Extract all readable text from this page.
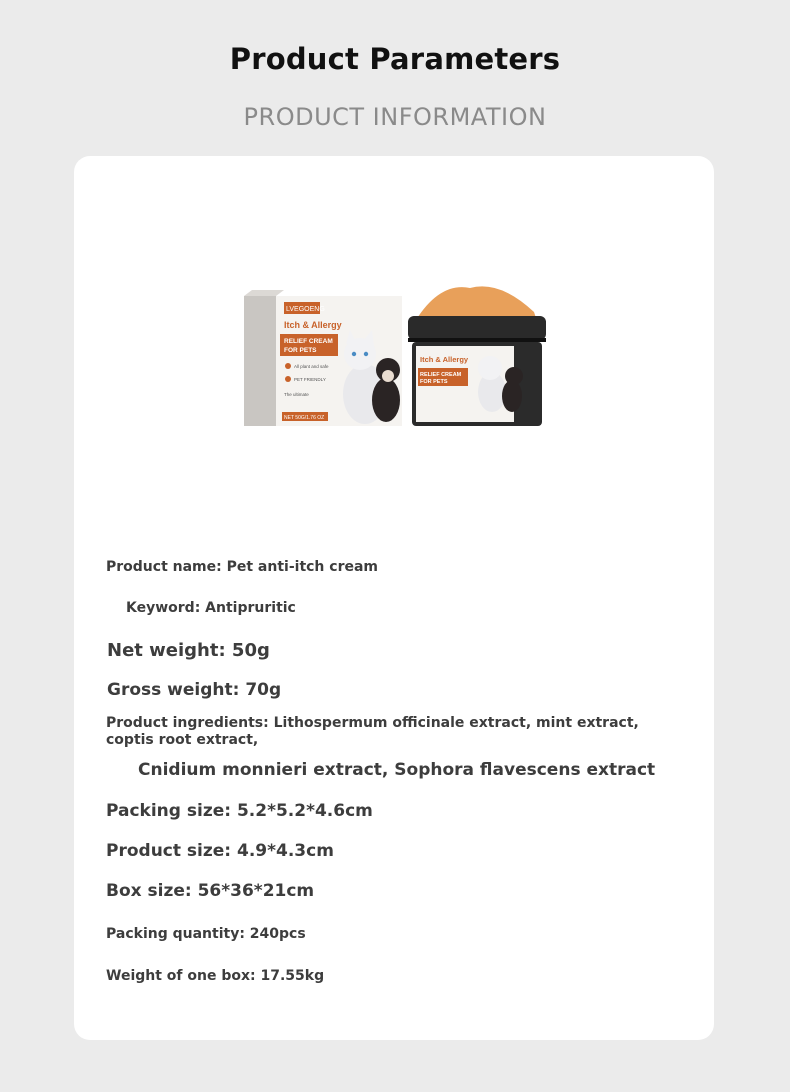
Product Parameters
PRODUCT INFORMATION
LVEGOENG
Itch & Allergy
RELIEF CREAM
FOR PETS
All plant and safe
PET FRIENDLY
The ultimate
NET 50G/1.76 OZ
Itch & Allergy
RELIEF CREAM
FOR PETS
Product name: Pet anti-itch cream
Keyword: Antipruritic
Net weight: 50g
Gross weight: 70g
Product ingredients: Lithospermum officinale extract, mint extract, coptis root extract,
Cnidium monnieri extract, Sophora flavescens extract
Packing size: 5.2*5.2*4.6cm
Product size: 4.9*4.3cm
Box size: 56*36*21cm
Packing quantity: 240pcs
Weight of one box: 17.55kg
